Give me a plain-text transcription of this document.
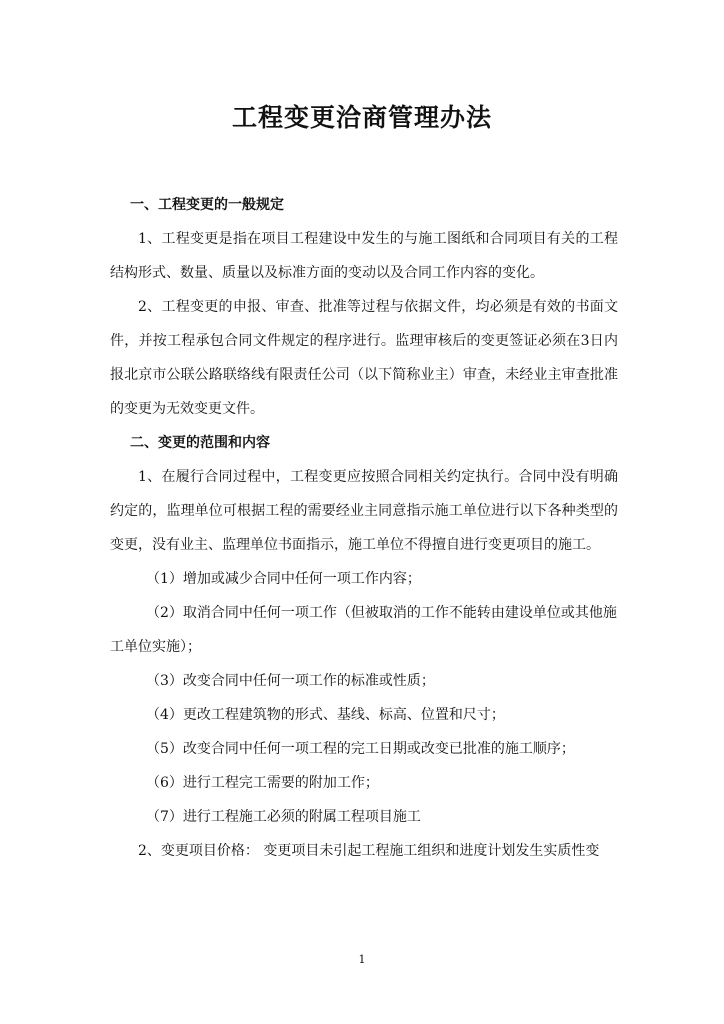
工程变更洽商管理办法
一、工程变更的一般规定
1、工程变更是指在项目工程建设中发生的与施工图纸和合同项目有关的工程结构形式、数量、质量以及标准方面的变动以及合同工作内容的变化。
2、工程变更的申报、审查、批准等过程与依据文件，均必须是有效的书面文件，并按工程承包合同文件规定的程序进行。监理审核后的变更签证必须在3日内报北京市公联公路联络线有限责任公司（以下简称业主）审查，未经业主审查批准的变更为无效变更文件。
二、变更的范围和内容
1、在履行合同过程中，工程变更应按照合同相关约定执行。合同中没有明确约定的，监理单位可根据工程的需要经业主同意指示施工单位进行以下各种类型的变更，没有业主、监理单位书面指示，施工单位不得擅自进行变更项目的施工。
（1）增加或减少合同中任何一项工作内容；
（2）取消合同中任何一项工作（但被取消的工作不能转由建设单位或其他施工单位实施）；
（3）改变合同中任何一项工作的标准或性质；
（4）更改工程建筑物的形式、基线、标高、位置和尺寸；
（5）改变合同中任何一项工程的完工日期或改变已批准的施工顺序；
（6）进行工程完工需要的附加工作；
（7）进行工程施工必须的附属工程项目施工
2、变更项目价格： 变更项目未引起工程施工组织和进度计划发生实质性变
1
